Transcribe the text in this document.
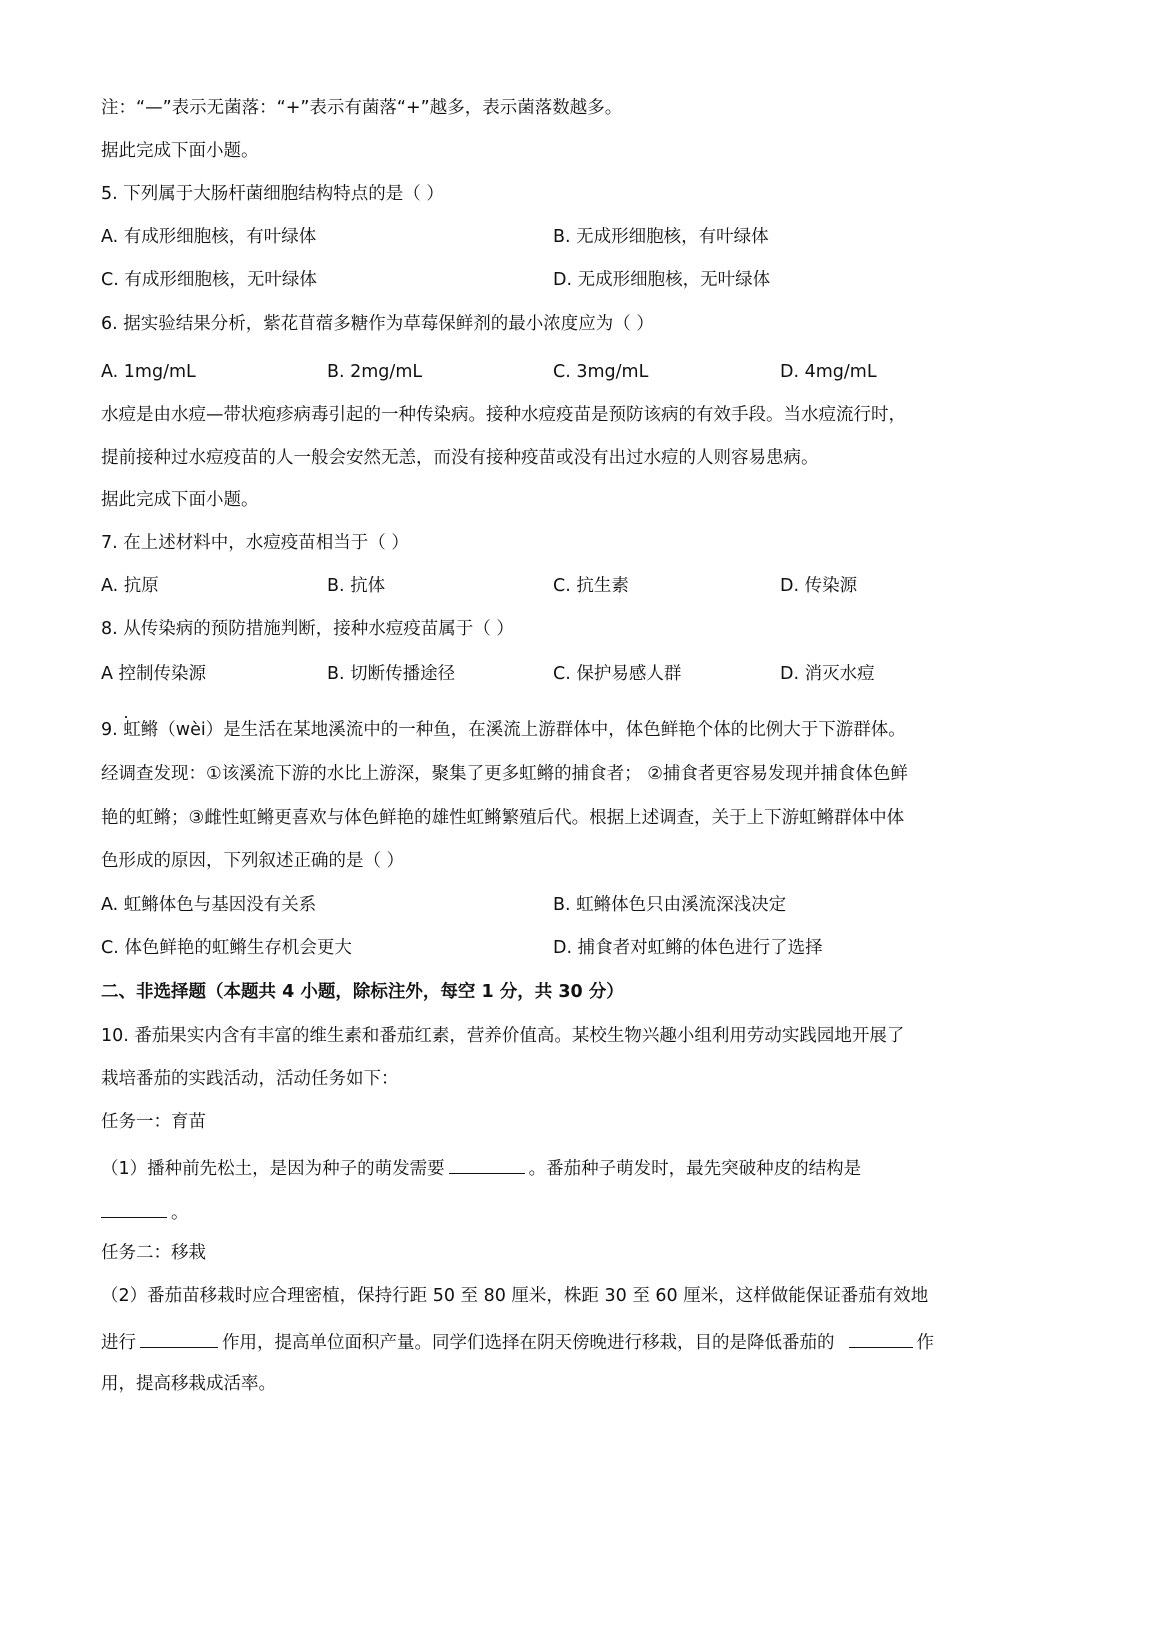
注：“—”表示无菌落：“+”表示有菌落“+”越多，表示菌落数越多。
据此完成下面小题。
5. 下列属于大肠杆菌细胞结构特点的是（ ）
A. 有成形细胞核，有叶绿体	B. 无成形细胞核，有叶绿体
C. 有成形细胞核，无叶绿体	D. 无成形细胞核，无叶绿体
6. 据实验结果分析，紫花苜蓿多糖作为草莓保鲜剂的最小浓度应为（ ）
A. 1mg/mL	B. 2mg/mL	C. 3mg/mL	D. 4mg/mL
水痘是由水痘—带状疱疹病毒引起的一种传染病。接种水痘疫苗是预防该病的有效手段。当水痘流行时，
提前接种过水痘疫苗的人一般会安然无恙，而没有接种疫苗或没有出过水痘的人则容易患病。
据此完成下面小题。
7. 在上述材料中，水痘疫苗相当于（ ）
A. 抗原	B. 抗体	C. 抗生素	D. 传染源
8. 从传染病的预防措施判断，接种水痘疫苗属于（ ）
A 控制传染源	B. 切断传播途径	C. 保护易感人群	D. 消灭水痘
9. 虹鳉（wèi）是生活在某地溪流中的一种鱼，在溪流上游群体中，体色鲜艳个体的比例大于下游群体。
经调查发现：①该溪流下游的水比上游深，聚集了更多虹鳉的捕食者； ②捕食者更容易发现并捕食体色鲜
艳的虹鳉；③雌性虹鳉更喜欢与体色鲜艳的雄性虹鳉繁殖后代。根据上述调查，关于上下游虹鳉群体中体
色形成的原因，下列叙述正确的是（ ）
A. 虹鳉体色与基因没有关系	B. 虹鳉体色只由溪流深浅决定
C. 体色鲜艳的虹鳉生存机会更大	D. 捕食者对虹鳉的体色进行了选择
二、非选择题（本题共 4 小题，除标注外，每空 1 分，共 30 分）
10. 番茄果实内含有丰富的维生素和番茄红素，营养价值高。某校生物兴趣小组利用劳动实践园地开展了
栽培番茄的实践活动，活动任务如下：
任务一：育苗
（1）播种前先松土，是因为种子的萌发需要	。番茄种子萌发时，最先突破种皮的结构是
。
任务二：移栽
（2）番茄苗移栽时应合理密植，保持行距 50 至 80 厘米，株距 30 至 60 厘米，这样做能保证番茄有效地
进行	作用，提高单位面积产量。同学们选择在阴天傍晚进行移栽，目的是降低番茄的	作
用，提高移栽成活率。
